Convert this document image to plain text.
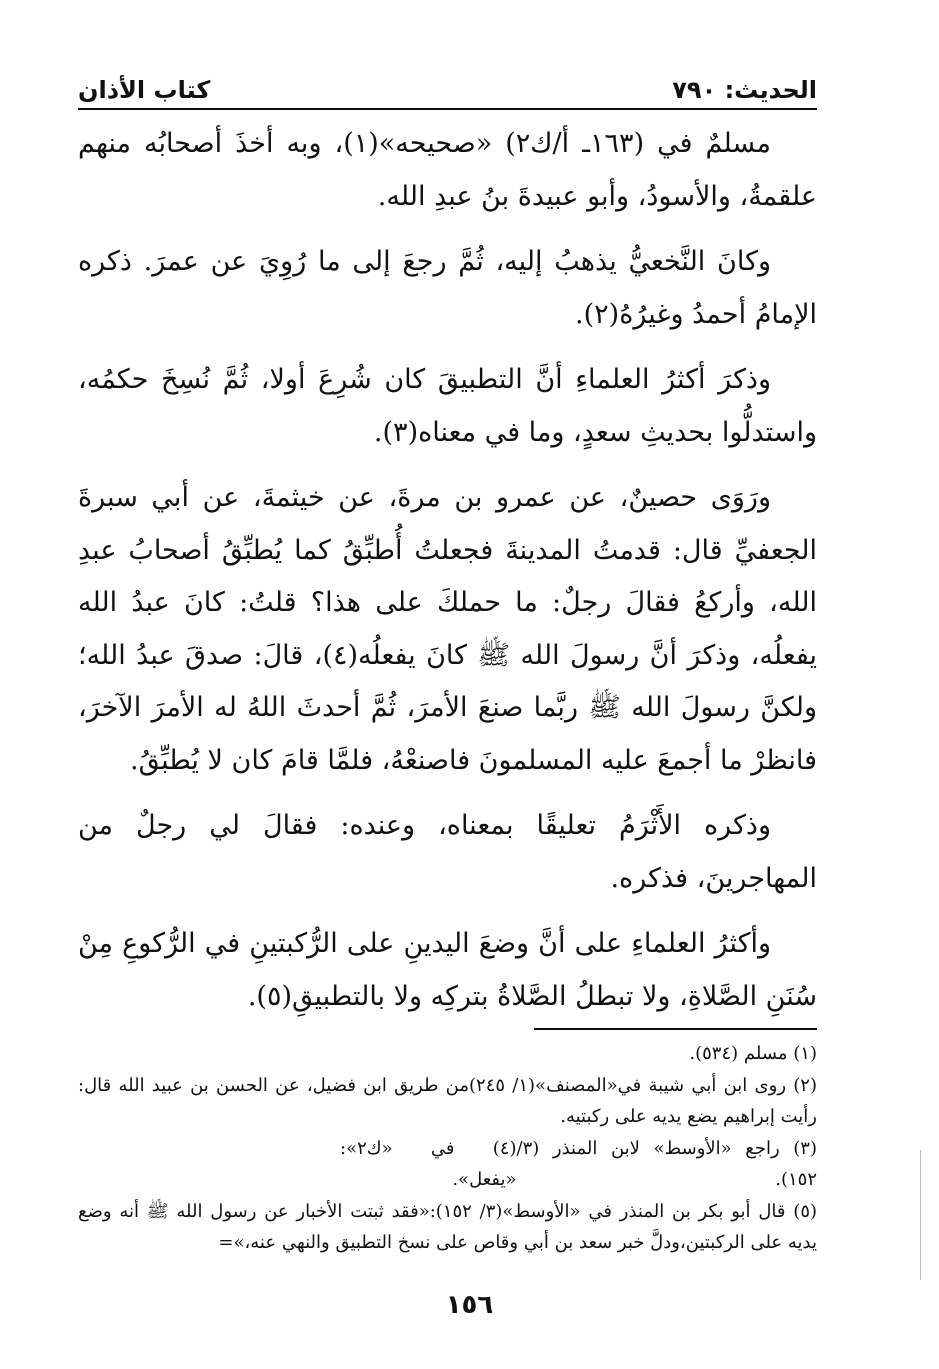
الحديث: ٧٩٠
كتاب الأذان

مسلمٌ في (١٦٣ـ أ/ك٢) «صحيحه»(١)، وبه أخذَ أصحابُه منهم علقمةُ، والأسودُ، وأبو عبيدةَ بنُ عبدِ الله.

وكانَ النَّخعيُّ يذهبُ إليه، ثُمَّ رجعَ إلى ما رُوِيَ عن عمرَ. ذكره الإمامُ أحمدُ وغيرُهُ(٢).

وذكرَ أكثرُ العلماءِ أنَّ التطبيقَ كان شُرِعَ أولا، ثُمَّ نُسِخَ حكمُه، واستدلُّوا بحديثِ سعدٍ، وما في معناه(٣).

ورَوَى حصينٌ، عن عمرو بن مرةَ، عن خيثمةَ، عن أبي سبرةَ الجعفيِّ قال: قدمتُ المدينةَ فجعلتُ أُطبِّقُ كما يُطبِّقُ أصحابُ عبدِ الله، وأركعُ فقالَ رجلٌ: ما حملكَ على هذا؟ قلتُ: كانَ عبدُ الله يفعلُه، وذكرَ أنَّ رسولَ الله ﷺ كانَ يفعلُه(٤)، قالَ: صدقَ عبدُ الله؛ ولكنَّ رسولَ الله ﷺ ربَّما صنعَ الأمرَ، ثُمَّ أحدثَ اللهُ له الأمرَ الآخرَ، فانظرْ ما أجمعَ عليه المسلمونَ فاصنعْهُ، فلمَّا قامَ كان لا يُطبِّقُ.

وذكره الأَثْرَمُ تعليقًا بمعناه، وعنده: فقالَ لي رجلٌ من المهاجرينَ، فذكره.

وأكثرُ العلماءِ على أنَّ وضعَ اليدينِ على الرُّكبتينِ في الرُّكوعِ مِنْ سُنَنِ الصَّلاةِ، ولا تبطلُ الصَّلاةُ بتركِه ولا بالتطبيقِ(٥).

(١) مسلم (٥٣٤).

(٢) روى ابن أبي شيبة في«المصنف»(١/ ٢٤٥)من طريق ابن فضيل، عن الحسن بن عبيد الله قال: رأيت إبراهيم يضع يديه على ركبتيه.

(٣) راجع «الأوسط» لابن المنذر (٣/ ١٥٢).
(٤) في «ك٢»: «يفعل».

(٥) قال أبو بكر بن المنذر في «الأوسط»(٣/ ١٥٢):«فقد ثبتت الأخبار عن رسول الله ﷺ أنه وضع يديه على الركبتين،ودلَّ خبر سعد بن أبي وقاص على نسخ التطبيق والنهي عنه،»=

١٥٦
